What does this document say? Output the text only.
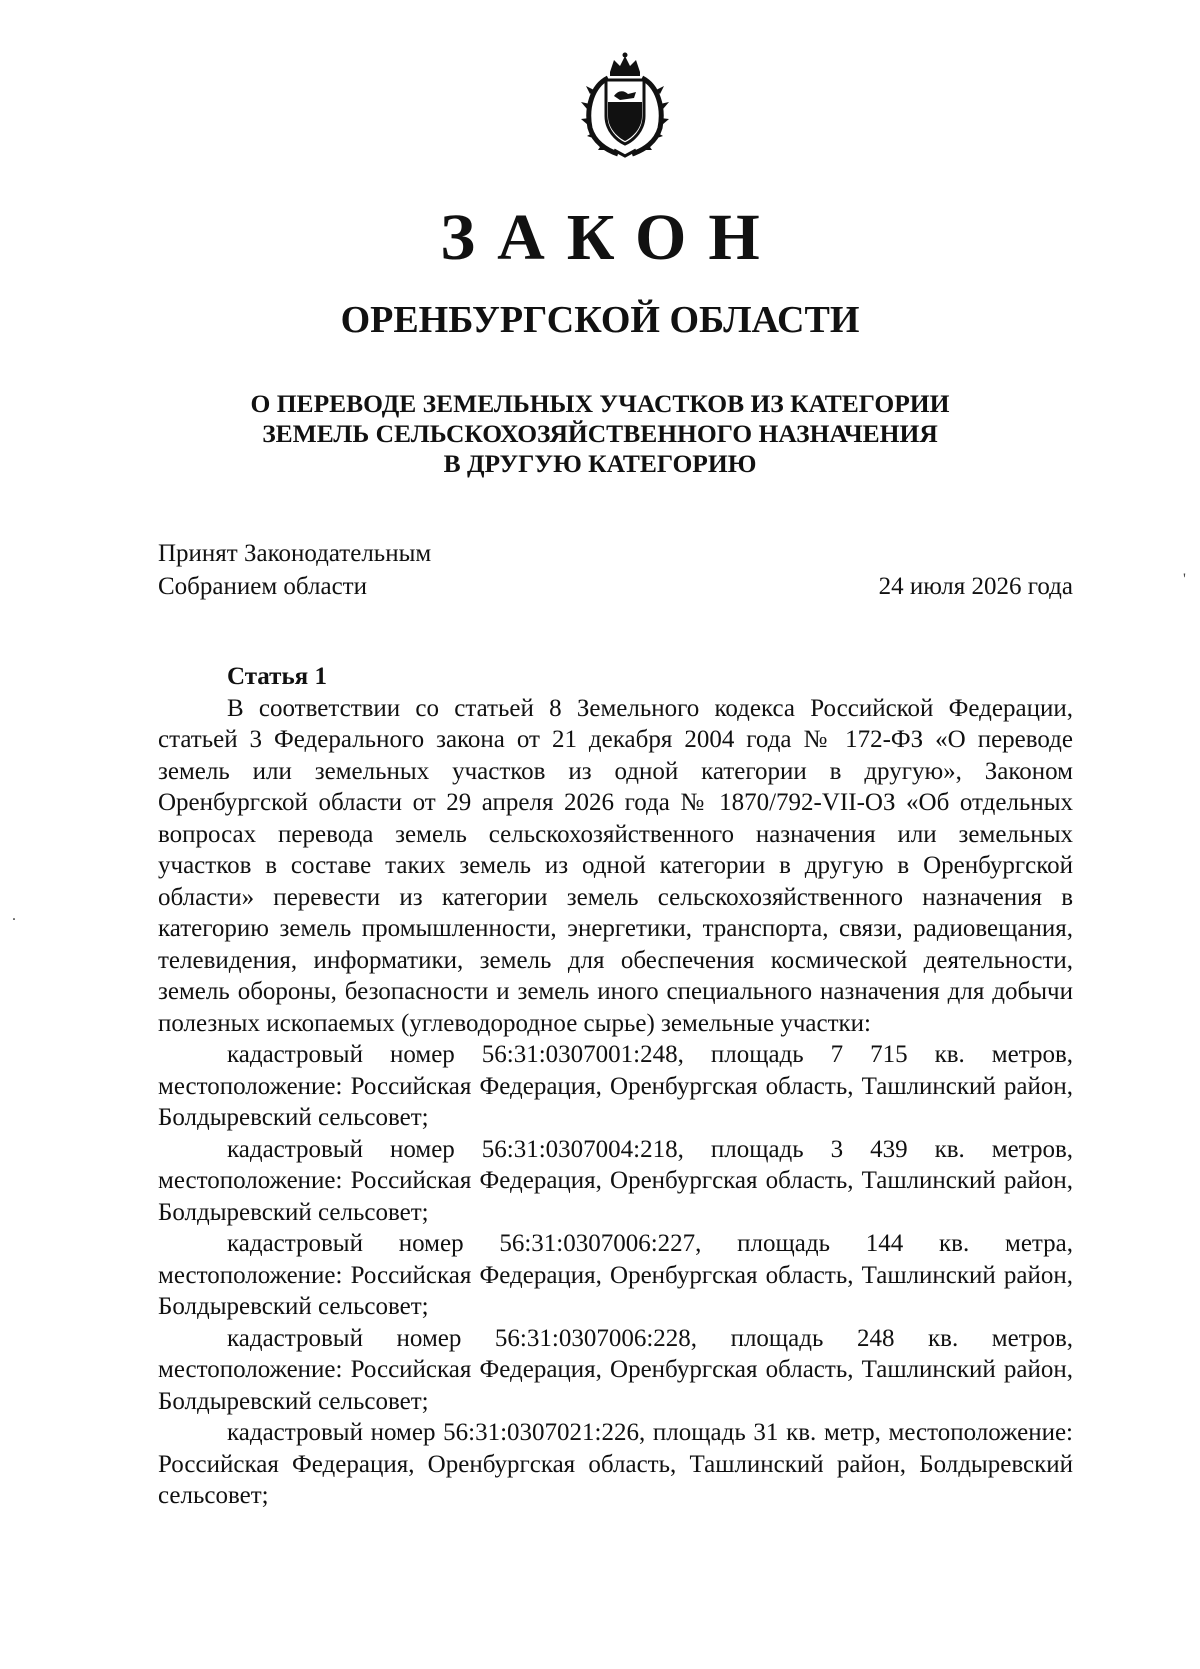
ЗАКОН
ОРЕНБУРГСКОЙ ОБЛАСТИ
О ПЕРЕВОДЕ ЗЕМЕЛЬНЫХ УЧАСТКОВ ИЗ КАТЕГОРИИ
ЗЕМЕЛЬ СЕЛЬСКОХОЗЯЙСТВЕННОГО НАЗНАЧЕНИЯ
В ДРУГУЮ КАТЕГОРИЮ
Принят Законодательным
Собранием области	24 июля 2026 года
Статья 1

В соответствии со статьей 8 Земельного кодекса Российской Федерации, статьей 3 Федерального закона от 21 декабря 2004 года № 172-ФЗ «О переводе земель или земельных участков из одной категории в другую», Законом Оренбургской области от 29 апреля 2026 года № 1870/792-VII-ОЗ «Об отдельных вопросах перевода земель сельскохозяйственного назначения или земельных участков в составе таких земель из одной категории в другую в Оренбургской области» перевести из категории земель сельскохозяйственного назначения в категорию земель промышленности, энергетики, транспорта, связи, радиовещания, телевидения, информатики, земель для обеспечения космической деятельности, земель обороны, безопасности и земель иного специального назначения для добычи полезных ископаемых (углеводородное сырье) земельные участки:

кадастровый номер 56:31:0307001:248, площадь 7 715 кв. метров, местоположение: Российская Федерация, Оренбургская область, Ташлинский район, Болдыревский сельсовет;

кадастровый номер 56:31:0307004:218, площадь 3 439 кв. метров, местоположение: Российская Федерация, Оренбургская область, Ташлинский район, Болдыревский сельсовет;

кадастровый номер 56:31:0307006:227, площадь 144 кв. метра, местоположение: Российская Федерация, Оренбургская область, Ташлинский район, Болдыревский сельсовет;

кадастровый номер 56:31:0307006:228, площадь 248 кв. метров, местоположение: Российская Федерация, Оренбургская область, Ташлинский район, Болдыревский сельсовет;

кадастровый номер 56:31:0307021:226, площадь 31 кв. метр, местоположение: Российская Федерация, Оренбургская область, Ташлинский район, Болдыревский сельсовет;

'
.
